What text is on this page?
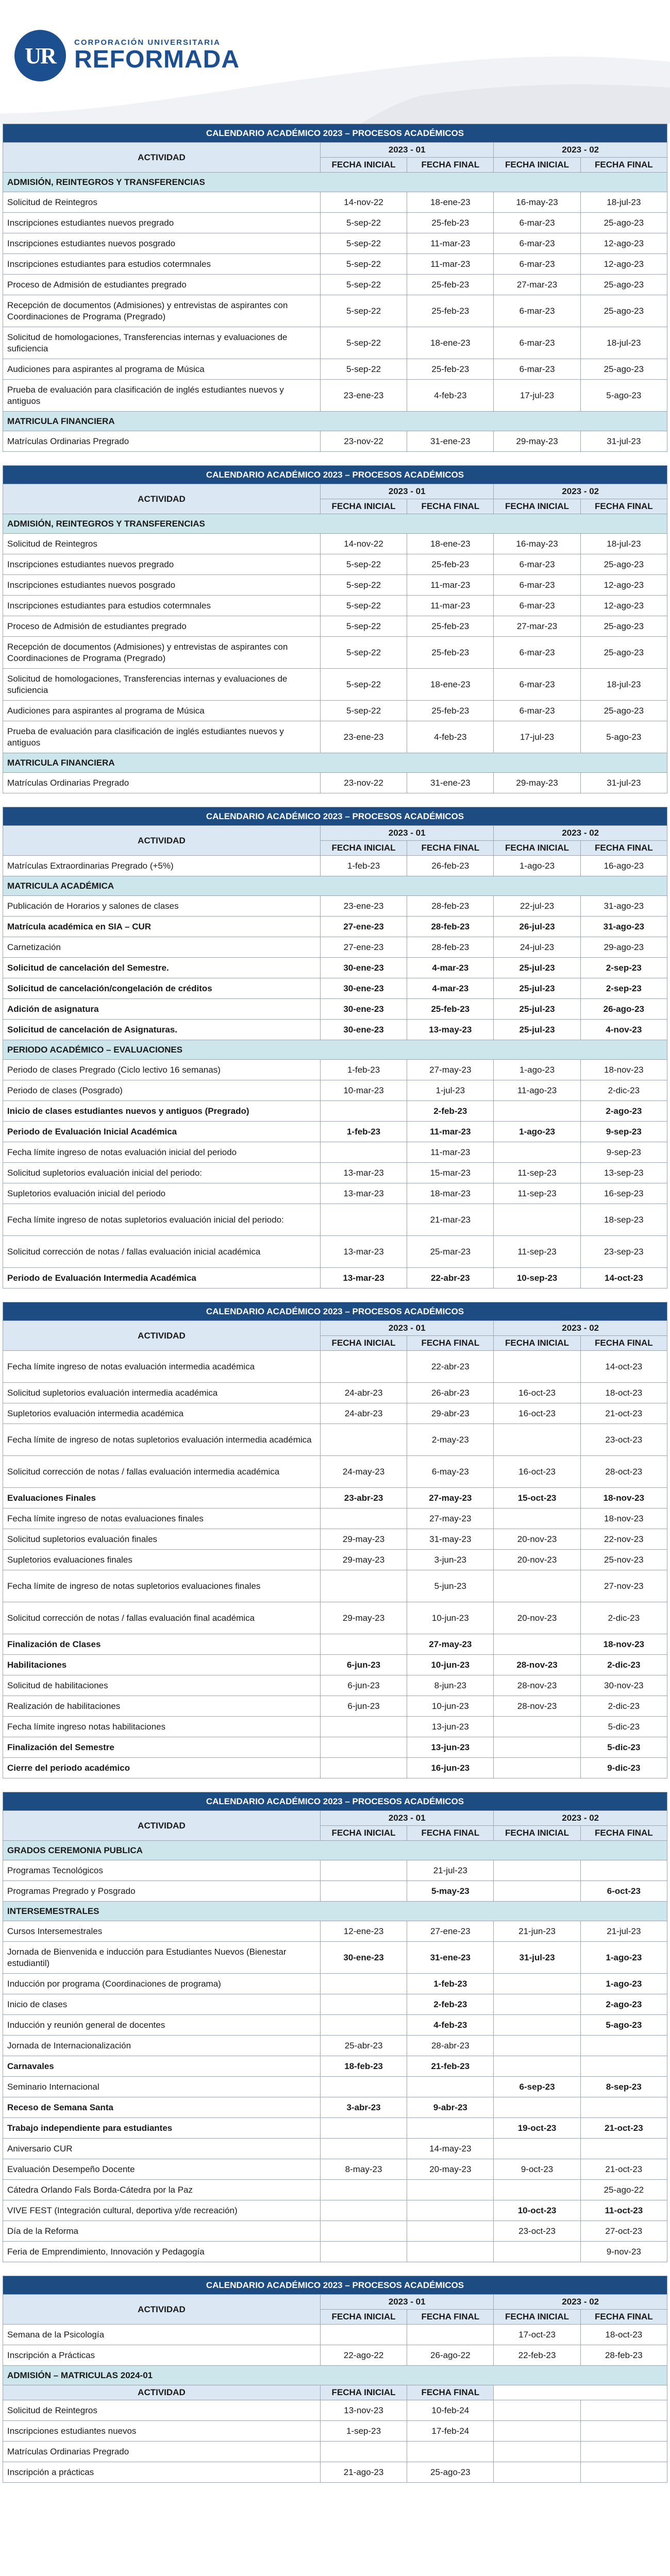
UR
CORPORACIÓN UNIVERSITARIA
REFORMADA
CALENDARIO ACADÉMICO 2023 – PROCESOS ACADÉMICOS				
ACTIVIDAD	2023 - 01		2023 - 02	
	FECHA INICIAL	FECHA FINAL	FECHA INICIAL	FECHA FINAL
ADMISIÓN, REINTEGROS Y TRANSFERENCIAS				
Solicitud de Reintegros	14-nov-22	18-ene-23	16-may-23	18-jul-23
Inscripciones estudiantes nuevos pregrado	5-sep-22	25-feb-23	6-mar-23	25-ago-23
Inscripciones estudiantes nuevos posgrado	5-sep-22	11-mar-23	6-mar-23	12-ago-23
Inscripciones estudiantes para estudios cotermnales	5-sep-22	11-mar-23	6-mar-23	12-ago-23
Proceso de Admisión de estudiantes pregrado	5-sep-22	25-feb-23	27-mar-23	25-ago-23
Recepción de documentos (Admisiones) y entrevistas de aspirantes con Coordinaciones de Programa (Pregrado)	5-sep-22	25-feb-23	6-mar-23	25-ago-23
Solicitud de homologaciones, Transferencias internas y evaluaciones de suficiencia	5-sep-22	18-ene-23	6-mar-23	18-jul-23
Audiciones para aspirantes al programa de Música	5-sep-22	25-feb-23	6-mar-23	25-ago-23
Prueba de evaluación para clasificación de inglés estudiantes nuevos y antiguos	23-ene-23	4-feb-23	17-jul-23	5-ago-23
MATRICULA FINANCIERA				
Matrículas Ordinarias Pregrado	23-nov-22	31-ene-23	29-may-23	31-jul-23
CALENDARIO ACADÉMICO 2023 – PROCESOS ACADÉMICOS				
ACTIVIDAD	2023 - 01		2023 - 02	
	FECHA INICIAL	FECHA FINAL	FECHA INICIAL	FECHA FINAL
ADMISIÓN, REINTEGROS Y TRANSFERENCIAS				
Solicitud de Reintegros	14-nov-22	18-ene-23	16-may-23	18-jul-23
Inscripciones estudiantes nuevos pregrado	5-sep-22	25-feb-23	6-mar-23	25-ago-23
Inscripciones estudiantes nuevos posgrado	5-sep-22	11-mar-23	6-mar-23	12-ago-23
Inscripciones estudiantes para estudios cotermnales	5-sep-22	11-mar-23	6-mar-23	12-ago-23
Proceso de Admisión de estudiantes pregrado	5-sep-22	25-feb-23	27-mar-23	25-ago-23
Recepción de documentos (Admisiones) y entrevistas de aspirantes con Coordinaciones de Programa (Pregrado)	5-sep-22	25-feb-23	6-mar-23	25-ago-23
Solicitud de homologaciones, Transferencias internas y evaluaciones de suficiencia	5-sep-22	18-ene-23	6-mar-23	18-jul-23
Audiciones para aspirantes al programa de Música	5-sep-22	25-feb-23	6-mar-23	25-ago-23
Prueba de evaluación para clasificación de inglés estudiantes nuevos y antiguos	23-ene-23	4-feb-23	17-jul-23	5-ago-23
MATRICULA FINANCIERA				
Matrículas Ordinarias Pregrado	23-nov-22	31-ene-23	29-may-23	31-jul-23
CALENDARIO ACADÉMICO 2023 – PROCESOS ACADÉMICOS				
ACTIVIDAD	2023 - 01		2023 - 02	
	FECHA INICIAL	FECHA FINAL	FECHA INICIAL	FECHA FINAL
Matrículas Extraordinarias Pregrado (+5%)	1-feb-23	26-feb-23	1-ago-23	16-ago-23
MATRICULA ACADÉMICA				
Publicación de Horarios y salones de clases	23-ene-23	28-feb-23	22-jul-23	31-ago-23
Matrícula académica en SIA – CUR	27-ene-23	28-feb-23	26-jul-23	31-ago-23
Carnetización	27-ene-23	28-feb-23	24-jul-23	29-ago-23
Solicitud de cancelación del Semestre.	30-ene-23	4-mar-23	25-jul-23	2-sep-23
Solicitud de cancelación/congelación de créditos	30-ene-23	4-mar-23	25-jul-23	2-sep-23
Adición de asignatura	30-ene-23	25-feb-23	25-jul-23	26-ago-23
Solicitud de cancelación de Asignaturas.	30-ene-23	13-may-23	25-jul-23	4-nov-23
PERIODO ACADÉMICO – EVALUACIONES				
Periodo de clases Pregrado (Ciclo lectivo 16 semanas)	1-feb-23	27-may-23	1-ago-23	18-nov-23
Periodo de clases (Posgrado)	10-mar-23	1-jul-23	11-ago-23	2-dic-23
Inicio de clases estudiantes nuevos y antiguos (Pregrado)		2-feb-23		2-ago-23
Periodo de Evaluación Inicial Académica	1-feb-23	11-mar-23	1-ago-23	9-sep-23
Fecha límite ingreso de notas evaluación inicial del periodo		11-mar-23		9-sep-23
Solicitud supletorios evaluación inicial del periodo:	13-mar-23	15-mar-23	11-sep-23	13-sep-23
Supletorios evaluación inicial del periodo	13-mar-23	18-mar-23	11-sep-23	16-sep-23
Fecha límite ingreso de notas supletorios evaluación inicial del periodo:		21-mar-23		18-sep-23
Solicitud corrección de notas / fallas evaluación inicial académica	13-mar-23	25-mar-23	11-sep-23	23-sep-23
Periodo de Evaluación Intermedia Académica	13-mar-23	22-abr-23	10-sep-23	14-oct-23
CALENDARIO ACADÉMICO 2023 – PROCESOS ACADÉMICOS				
ACTIVIDAD	2023 - 01		2023 - 02	
	FECHA INICIAL	FECHA FINAL	FECHA INICIAL	FECHA FINAL
Fecha límite ingreso de notas evaluación intermedia académica		22-abr-23		14-oct-23
Solicitud supletorios evaluación intermedia académica	24-abr-23	26-abr-23	16-oct-23	18-oct-23
Supletorios evaluación intermedia académica	24-abr-23	29-abr-23	16-oct-23	21-oct-23
Fecha límite de ingreso de notas supletorios evaluación intermedia académica		2-may-23		23-oct-23
Solicitud corrección de notas / fallas evaluación intermedia académica	24-may-23	6-may-23	16-oct-23	28-oct-23
Evaluaciones Finales	23-abr-23	27-may-23	15-oct-23	18-nov-23
Fecha límite ingreso de notas evaluaciones finales		27-may-23		18-nov-23
Solicitud supletorios evaluación finales	29-may-23	31-may-23	20-nov-23	22-nov-23
Supletorios evaluaciones finales	29-may-23	3-jun-23	20-nov-23	25-nov-23
Fecha límite de ingreso de notas supletorios evaluaciones finales		5-jun-23		27-nov-23
Solicitud corrección de notas / fallas evaluación final académica	29-may-23	10-jun-23	20-nov-23	2-dic-23
Finalización de Clases		27-may-23		18-nov-23
Habilitaciones	6-jun-23	10-jun-23	28-nov-23	2-dic-23
Solicitud de habilitaciones	6-jun-23	8-jun-23	28-nov-23	30-nov-23
Realización de habilitaciones	6-jun-23	10-jun-23	28-nov-23	2-dic-23
Fecha límite ingreso notas habilitaciones		13-jun-23		5-dic-23
Finalización del Semestre		13-jun-23		5-dic-23
Cierre del periodo académico		16-jun-23		9-dic-23
CALENDARIO ACADÉMICO 2023 – PROCESOS ACADÉMICOS				
ACTIVIDAD	2023 - 01		2023 - 02	
	FECHA INICIAL	FECHA FINAL	FECHA INICIAL	FECHA FINAL
GRADOS CEREMONIA PUBLICA				
Programas Tecnológicos		21-jul-23		
Programas Pregrado y Posgrado		5-may-23		6-oct-23
INTERSEMESTRALES				
Cursos Intersemestrales	12-ene-23	27-ene-23	21-jun-23	21-jul-23
Jornada de Bienvenida e inducción para Estudiantes Nuevos (Bienestar estudiantil)	30-ene-23	31-ene-23	31-jul-23	1-ago-23
Inducción por programa (Coordinaciones de programa)		1-feb-23		1-ago-23
Inicio de clases		2-feb-23		2-ago-23
Inducción y reunión general de docentes		4-feb-23		5-ago-23
Jornada de Internacionalización	25-abr-23	28-abr-23		
Carnavales	18-feb-23	21-feb-23		
Seminario Internacional			6-sep-23	8-sep-23
Receso de Semana Santa	3-abr-23	9-abr-23		
Trabajo independiente para estudiantes			19-oct-23	21-oct-23
Aniversario CUR		14-may-23		
Evaluación Desempeño Docente	8-may-23	20-may-23	9-oct-23	21-oct-23
Cátedra Orlando Fals Borda-Cátedra por la Paz				25-ago-22
VIVE FEST (Integración cultural, deportiva y/de recreación)			10-oct-23	11-oct-23
Día de la Reforma			23-oct-23	27-oct-23
Feria de Emprendimiento, Innovación y Pedagogía				9-nov-23
CALENDARIO ACADÉMICO 2023 – PROCESOS ACADÉMICOS				
ACTIVIDAD	2023 - 01		2023 - 02	
	FECHA INICIAL	FECHA FINAL	FECHA INICIAL	FECHA FINAL
Semana de la Psicología			17-oct-23	18-oct-23
Inscripción a Prácticas	22-ago-22	26-ago-22	22-feb-23	28-feb-23
ADMISIÓN – MATRICULAS 2024-01				
ACTIVIDAD	FECHA INICIAL	FECHA FINAL		
Solicitud de Reintegros	13-nov-23	10-feb-24		
Inscripciones estudiantes nuevos	1-sep-23	17-feb-24		
Matrículas Ordinarias Pregrado				
Inscripción a prácticas	21-ago-23	25-ago-23		
